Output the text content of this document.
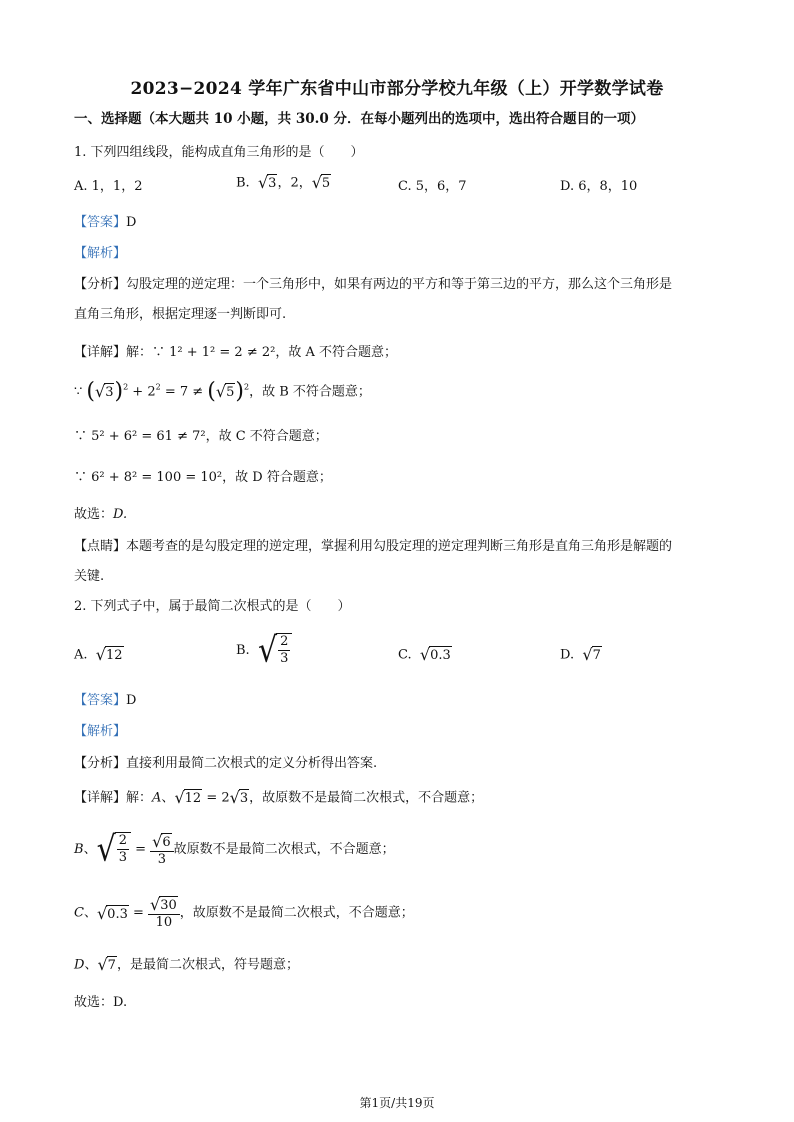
2023−2024 学年广东省中山市部分学校九年级（上）开学数学试卷
一、选择题（本大题共 10 小题，共 30.0 分．在每小题列出的选项中，选出符合题目的一项）
1. 下列四组线段，能构成直角三角形的是（　　）
A. 1，1，2	B. √ 3 ，2， √ 5	C. 5，6，7	D. 6，8，10
【答案】D
【解析】
【分析】勾股定理的逆定理：一个三角形中，如果有两边的平方和等于第三边的平方，那么这个三角形是
直角三角形，根据定理逐一判断即可.
【详解】解：∵ 1² + 1² = 2 ≠ 2²，故 A 不符合题意；
∵ ( √ 3 )$^2 + 2^2 = 7$ ≠ ( √ 5 )$^2$，故 B 不符合题意；
∵ 5² + 6² = 61 ≠ 7²，故 C 不符合题意；
∵ 6² + 8² = 100 = 10²，故 D 符合题意；
故选：D.
【点睛】本题考查的是勾股定理的逆定理，掌握利用勾股定理的逆定理判断三角形是直角三角形是解题的
关键.
2. 下列式子中，属于最简二次根式的是（　　）
A. √ 12	B. √ $\frac{2}{3}$	C. √ 0.3	D. √ 7
【答案】D
【解析】
【分析】直接利用最简二次根式的定义分析得出答案.
【详解】解：A、 √ 12 = 2 √ 3 ，故原数不是最简二次根式，不合题意；
B、 √ $\frac{2}{3} = \frac{√ 6}{3}$ 故原数不是最简二次根式，不合题意；
C、 √ $0.3 = \frac{√ 30}{10}$ ，故原数不是最简二次根式，不合题意；
D、 √ 7 ，是最简二次根式，符号题意；
故选：D.
第1页/共19页
